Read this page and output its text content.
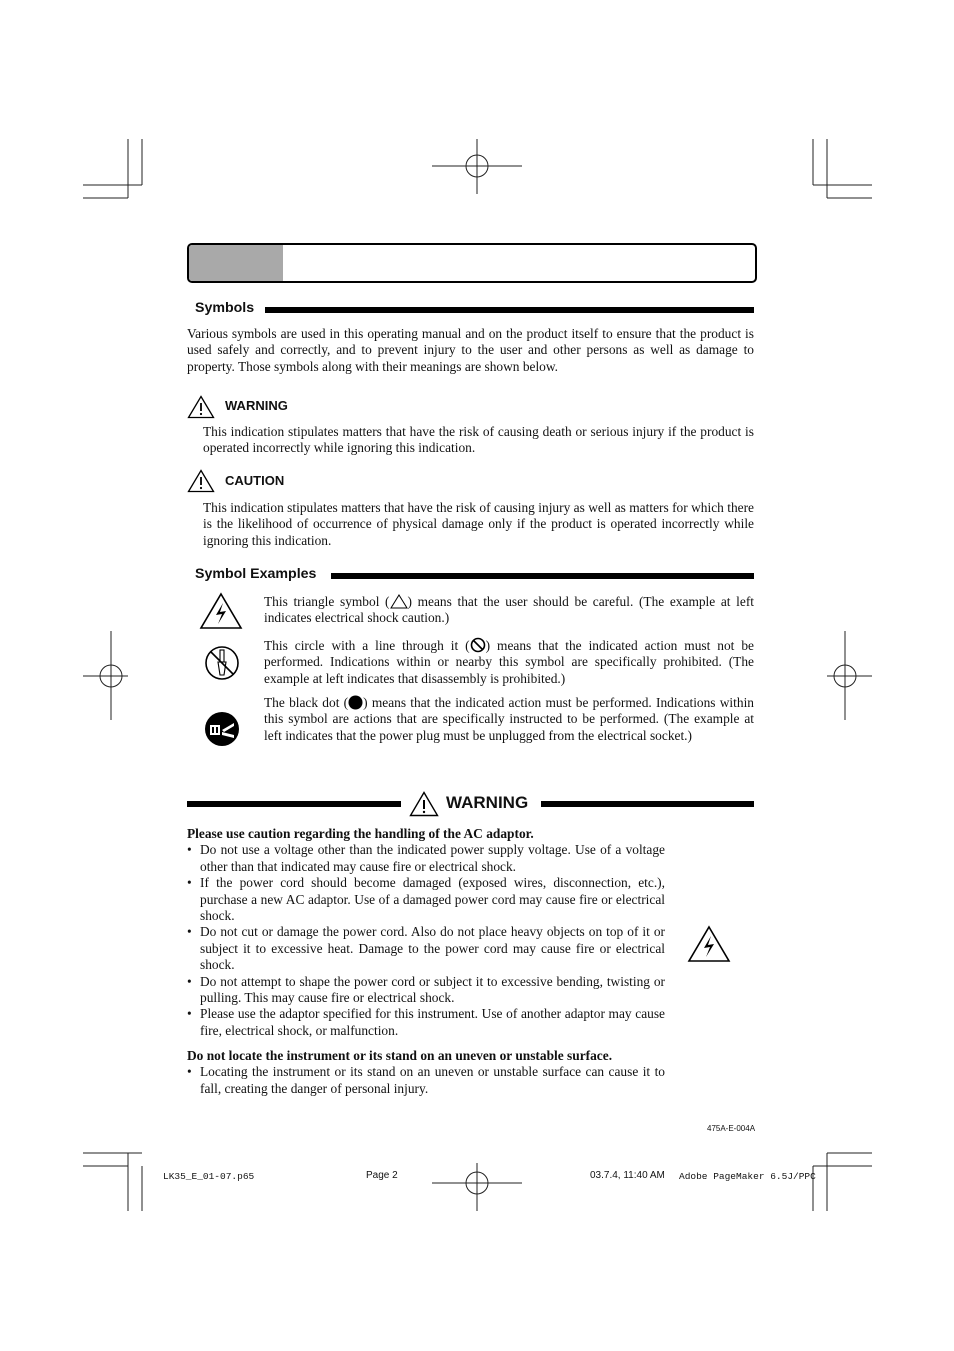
Symbols
Various symbols are used in this operating manual and on the product itself to ensure that the product is used safely and correctly, and to prevent injury to the user and other persons as well as damage to property. Those symbols along with their meanings are shown below.
WARNING
This indication stipulates matters that have the risk of causing death or serious injury if the product is operated incorrectly while ignoring this indication.
CAUTION
This indication stipulates matters that have the risk of causing injury as well as matters for which there is the likelihood of occurrence of physical damage only if the product is operated incorrectly while ignoring this indication.
Symbol Examples
This triangle symbol ( ) means that the user should be careful. (The example at left indicates electrical shock caution.)
This circle with a line through it ( ) means that the indicated action must not be performed. Indications within or nearby this symbol are specifically prohibited. (The example at left indicates that disassembly is prohibited.)
The black dot ( ) means that the indicated action must be performed. Indications within this symbol are actions that are specifically instructed to be performed. (The example at left indicates that the power plug must be unplugged from the electrical socket.)
WARNING
Please use caution regarding the handling of the AC adaptor.
• Do not use a voltage other than the indicated power supply voltage. Use of a voltage other than that indicated may cause fire or electrical shock.
• If the power cord should become damaged (exposed wires, disconnection, etc.), purchase a new AC adaptor. Use of a damaged power cord may cause fire or electrical shock.
• Do not cut or damage the power cord. Also do not place heavy objects on top of it or subject it to excessive heat. Damage to the power cord may cause fire or electrical shock.
• Do not attempt to shape the power cord or subject it to excessive bending, twisting or pulling. This may cause fire or electrical shock.
• Please use the adaptor specified for this instrument. Use of another adaptor may cause fire, electrical shock, or malfunction.
Do not locate the instrument or its stand on an uneven or unstable surface.
• Locating the instrument or its stand on an uneven or unstable surface can cause it to fall, creating the danger of personal injury.
475A-E-004A
LK35_E_01-07.p65	Page 2	03.7.4, 11:40 AM Adobe PageMaker 6.5J/PPC
